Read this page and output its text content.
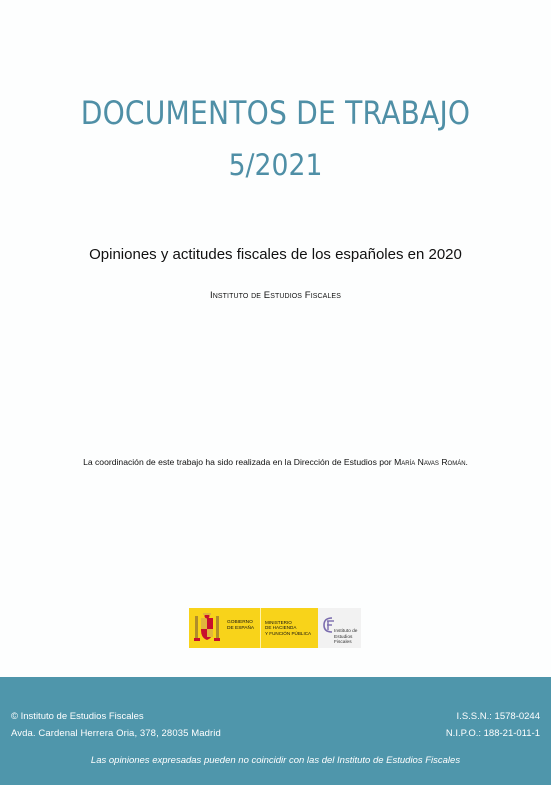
DOCUMENTOS DE TRABAJO
5/2021
Opiniones y actitudes fiscales de los españoles en 2020
Instituto de Estudios Fiscales
La coordinación de este trabajo ha sido realizada en la Dirección de Estudios por María Navas Román.
GOBIERNO
DE ESPAÑA
MINISTERIO
DE HACIENDA
Y FUNCIÓN PÚBLICA	Instituto de
Estudios Fiscales
© Instituto de Estudios Fiscales
Avda. Cardenal Herrera Oria, 378, 28035 Madrid
I.S.S.N.: 1578-0244
N.I.P.O.: 188-21-011-1
Las opiniones expresadas pueden no coincidir con las del Instituto de Estudios Fiscales
